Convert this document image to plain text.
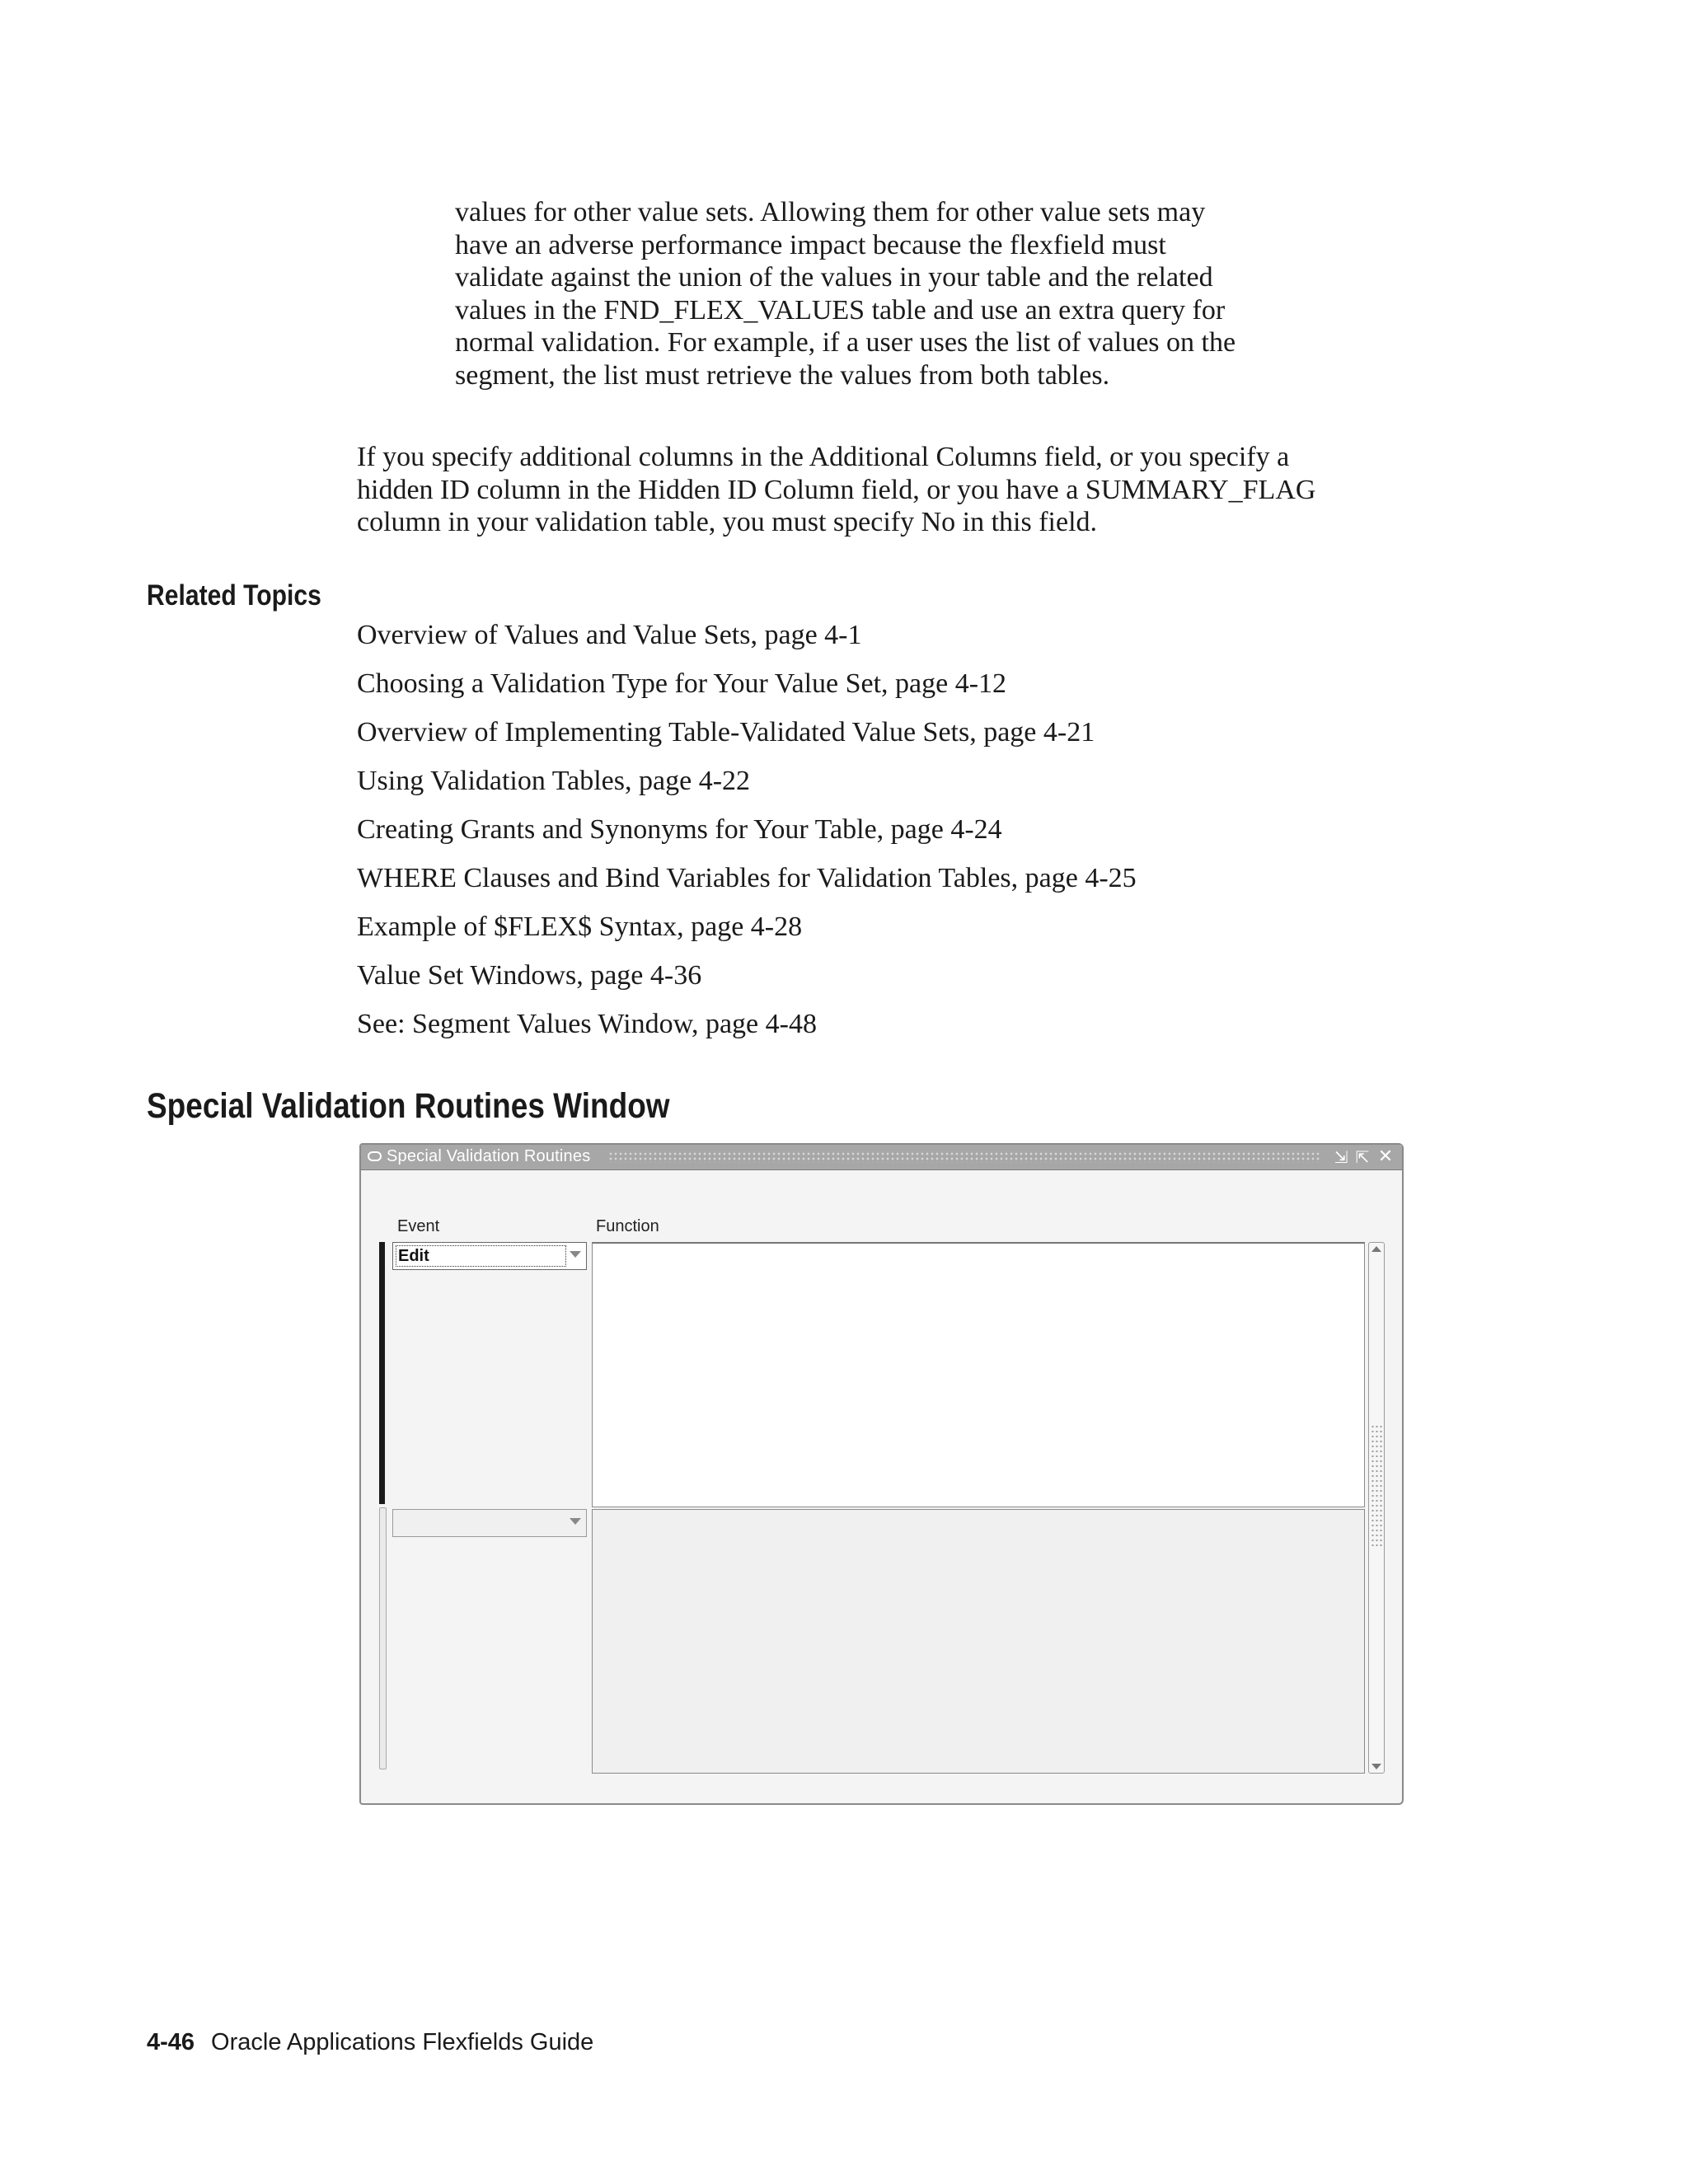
values for other value sets. Allowing them for other value sets may
have an adverse performance impact because the flexfield must
validate against the union of the values in your table and the related
values in the FND_FLEX_VALUES table and use an extra query for
normal validation. For example, if a user uses the list of values on the
segment, the list must retrieve the values from both tables.
If you specify additional columns in the Additional Columns field, or you specify a
hidden ID column in the Hidden ID Column field, or you have a SUMMARY_FLAG
column in your validation table, you must specify No in this field.
Related Topics
Overview of Values and Value Sets, page 4-1
Choosing a Validation Type for Your Value Set, page 4-12
Overview of Implementing Table-Validated Value Sets, page 4-21
Using Validation Tables, page 4-22
Creating Grants and Synonyms for Your Table, page 4-24
WHERE Clauses and Bind Variables for Validation Tables, page 4-25
Example of $FLEX$ Syntax, page 4-28
Value Set Windows, page 4-36
See: Segment Values Window, page 4-48
Special Validation Routines Window
Special Validation Routines	⇲ ⇱ ✕
Event	Function
Edit
4-46 Oracle Applications Flexfields Guide
